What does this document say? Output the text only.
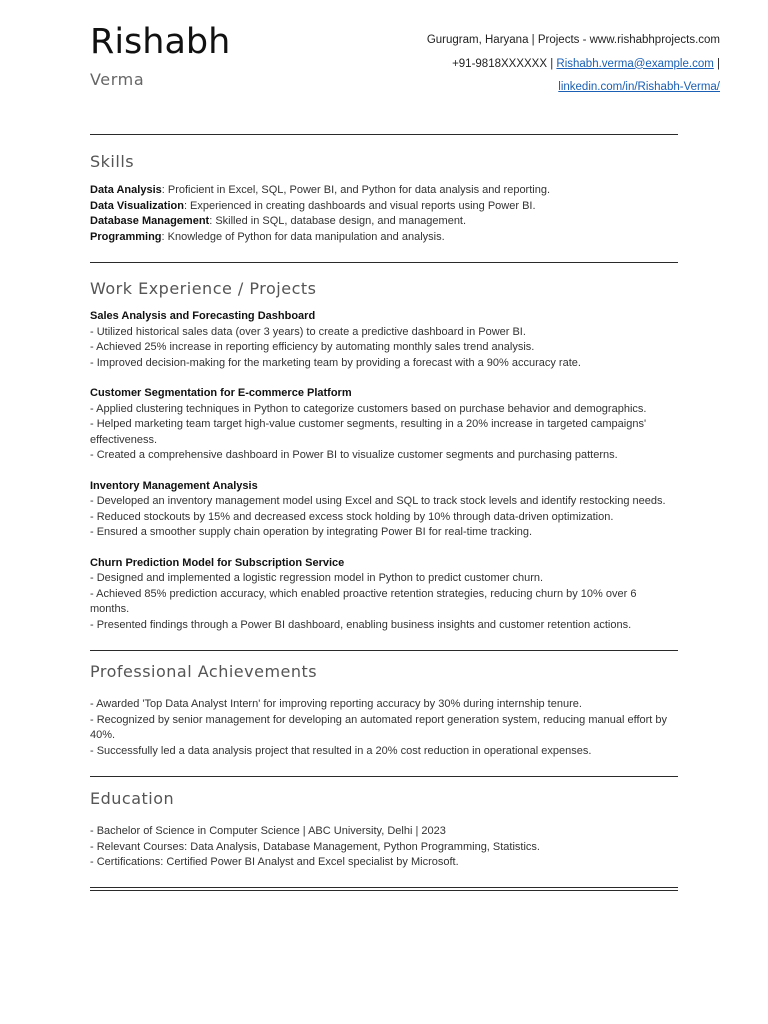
Rishabh
Verma
Gurugram, Haryana | Projects - www.rishabhprojects.com
+91-9818XXXXXX | Rishabh.verma@example.com |
linkedin.com/in/Rishabh-Verma/
Skills
Data Analysis: Proficient in Excel, SQL, Power BI, and Python for data analysis and reporting.
Data Visualization: Experienced in creating dashboards and visual reports using Power BI.
Database Management: Skilled in SQL, database design, and management.
Programming: Knowledge of Python for data manipulation and analysis.
Work Experience / Projects
Sales Analysis and Forecasting Dashboard
- Utilized historical sales data (over 3 years) to create a predictive dashboard in Power BI.
- Achieved 25% increase in reporting efficiency by automating monthly sales trend analysis.
- Improved decision-making for the marketing team by providing a forecast with a 90% accuracy rate.
Customer Segmentation for E-commerce Platform
- Applied clustering techniques in Python to categorize customers based on purchase behavior and demographics.
- Helped marketing team target high-value customer segments, resulting in a 20% increase in targeted campaigns' effectiveness.
- Created a comprehensive dashboard in Power BI to visualize customer segments and purchasing patterns.
Inventory Management Analysis
- Developed an inventory management model using Excel and SQL to track stock levels and identify restocking needs.
- Reduced stockouts by 15% and decreased excess stock holding by 10% through data-driven optimization.
- Ensured a smoother supply chain operation by integrating Power BI for real-time tracking.
Churn Prediction Model for Subscription Service
- Designed and implemented a logistic regression model in Python to predict customer churn.
- Achieved 85% prediction accuracy, which enabled proactive retention strategies, reducing churn by 10% over 6 months.
- Presented findings through a Power BI dashboard, enabling business insights and customer retention actions.
Professional Achievements
- Awarded 'Top Data Analyst Intern' for improving reporting accuracy by 30% during internship tenure.
- Recognized by senior management for developing an automated report generation system, reducing manual effort by 40%.
- Successfully led a data analysis project that resulted in a 20% cost reduction in operational expenses.
Education
- Bachelor of Science in Computer Science | ABC University, Delhi | 2023
- Relevant Courses: Data Analysis, Database Management, Python Programming, Statistics.
- Certifications: Certified Power BI Analyst and Excel specialist by Microsoft.
